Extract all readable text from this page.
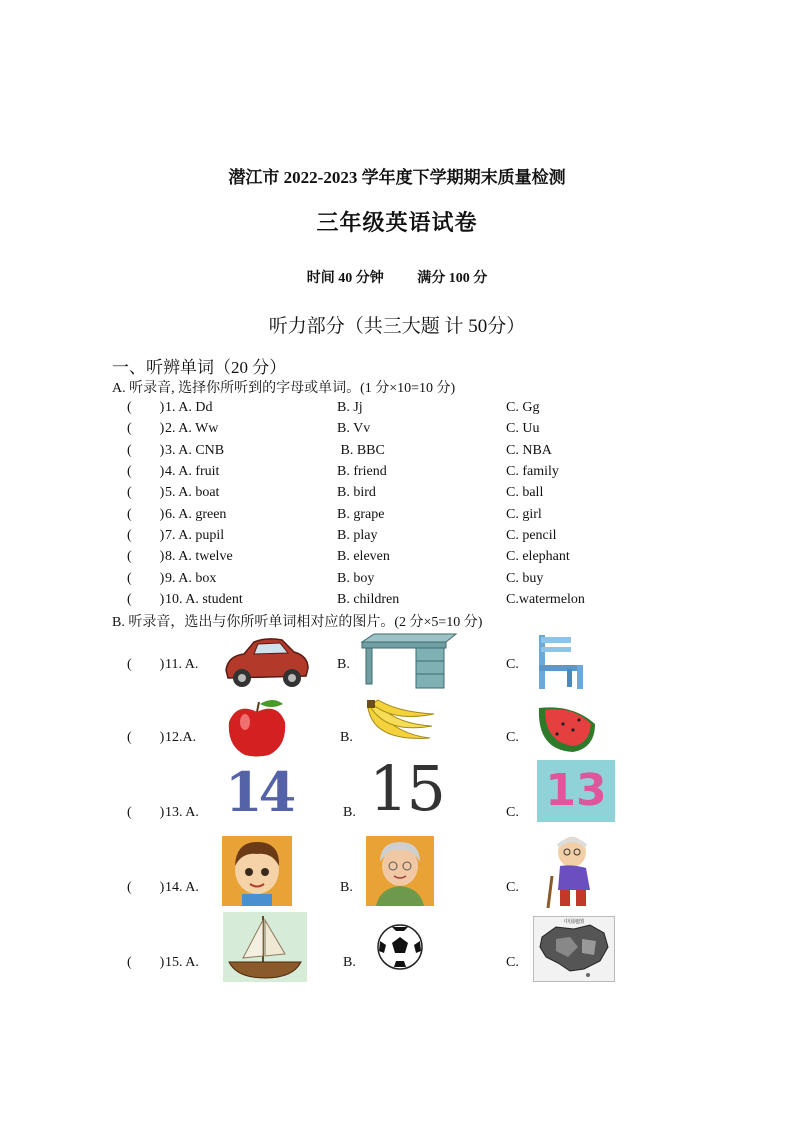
潜江市 2022-2023 学年度下学期期末质量检测
三年级英语试卷
时间 40 分钟 满分 100 分
听力部分（共三大题 计 50分）
一、听辨单词（20 分）
A. 听录音, 选择你所听到的字母或单词。(1 分×10=10 分)
(        ) 1. A. Dd	B. Jj	C. Gg
(        ) 2. A. Ww	B. Vv	C. Uu
(        ) 3. A. CNB	B. BBC	C. NBA
(        ) 4. A. fruit	B. friend	C. family
(        ) 5. A. boat	B. bird	C. ball
(        ) 6. A. green	B. grape	C. girl
(        ) 7. A. pupil	B. play	C. pencil
(        ) 8. A. twelve	B. eleven	C. elephant
(        ) 9. A. box	B. boy	C. buy
(        ) 10. A. student	B. children	C.watermelon
B. 听录音，选出与你所听单词相对应的图片。(2 分×5=10 分)
(        ) 11. A.	B.	C.
(        ) 12.A.	B.	C.
(        ) 13. A.	B.	C.
(        ) 14. A.	B.	C.
(        ) 15. A.	B.	C.
14 15 13
中国地图
